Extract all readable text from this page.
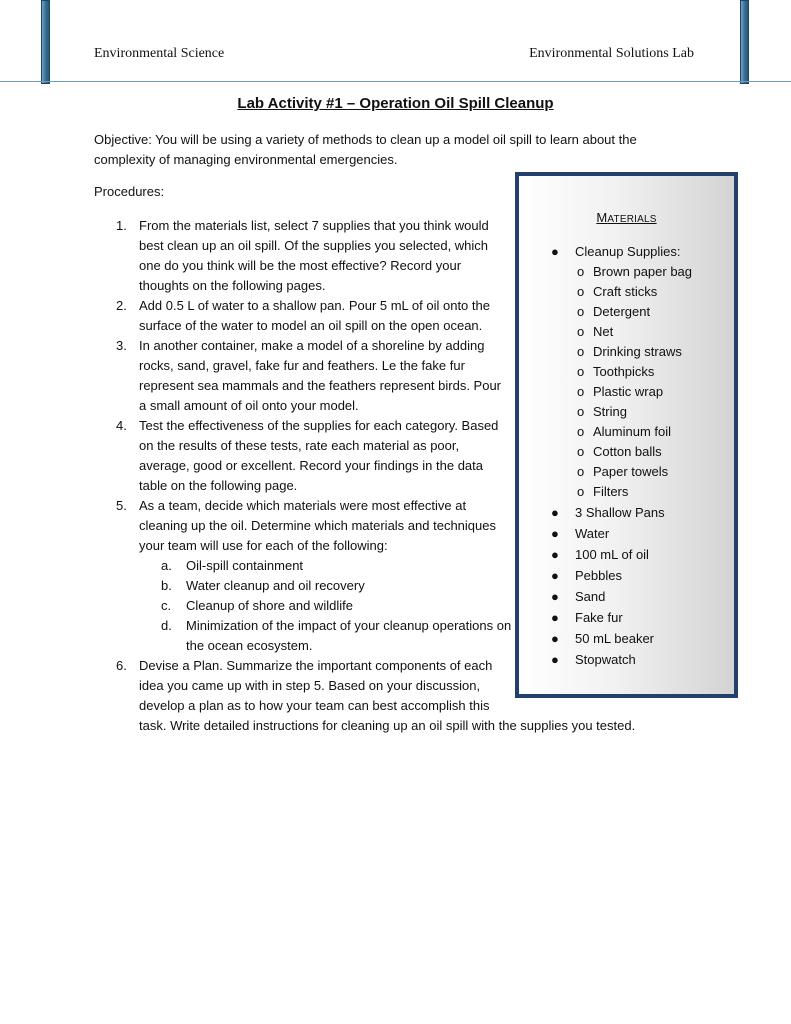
Environmental Science	Environmental Solutions Lab
Lab Activity #1 – Operation Oil Spill Cleanup

Objective: You will be using a variety of methods to clean up a model oil spill to learn about the complexity of managing environmental emergencies.

Procedures:

1. From the materials list, select 7 supplies that you think would best clean up an oil spill. Of the supplies you selected, which one do you think will be the most effective? Record your thoughts on the following pages.
2. Add 0.5 L of water to a shallow pan. Pour 5 mL of oil onto the surface of the water to model an oil spill on the open ocean.
3. In another container, make a model of a shoreline by adding rocks, sand, gravel, fake fur and feathers. Le the fake fur represent sea mammals and the feathers represent birds. Pour a small amount of oil onto your model.
4. Test the effectiveness of the supplies for each category. Based on the results of these tests, rate each material as poor, average, good or excellent. Record your findings in the data table on the following page.
5. As a team, decide which materials were most effective at cleaning up the oil. Determine which materials and techniques your team will use for each of the following:
a. Oil-spill containment
b. Water cleanup and oil recovery
c. Cleanup of shore and wildlife
d. Minimization of the impact of your cleanup operations on the ocean ecosystem.
6. Devise a Plan. Summarize the important components of each
idea you came up with in step 5. Based on your discussion,
develop a plan as to how your team can best accomplish this
task. Write detailed instructions for cleaning up an oil spill with the supplies you tested.
MATERIALS
● Cleanup Supplies:
o Brown paper bag
o Craft sticks
o Detergent
o Net
o Drinking straws
o Toothpicks
o Plastic wrap
o String
o Aluminum foil
o Cotton balls
o Paper towels
o Filters
● 3 Shallow Pans
● Water
● 100 mL of oil
● Pebbles
● Sand
● Fake fur
● 50 mL beaker
● Stopwatch
